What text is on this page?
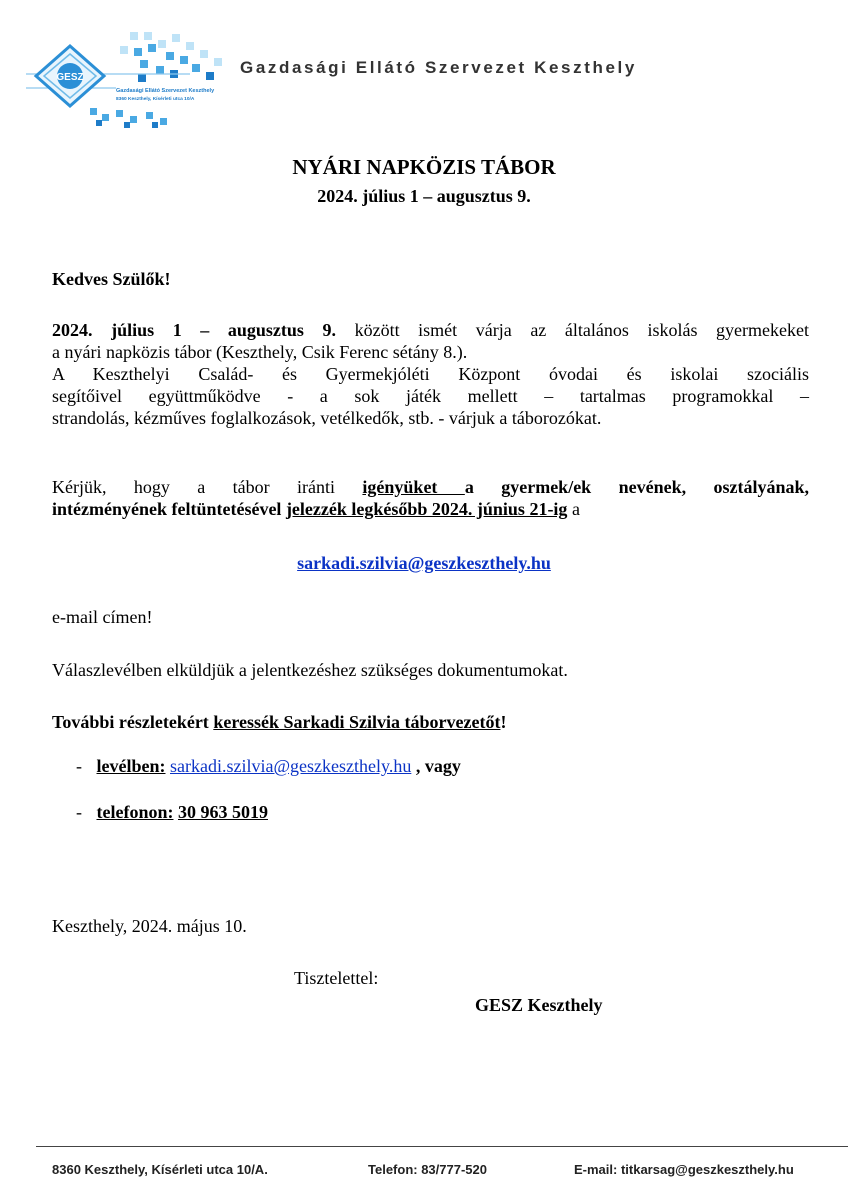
GESZ
Gazdasági Ellátó Szervezet Keszthely
8360 Keszthely, Kísérleti utca 10/A
Gazdasági Ellátó Szervezet Keszthely
NYÁRI NAPKÖZIS TÁBOR
2024. július 1 – augusztus 9.
Kedves Szülők!
2024. július 1 – augusztus 9. között ismét várja az általános iskolás gyermekeket
a nyári napközis tábor (Keszthely, Csik Ferenc sétány 8.).
A Keszthelyi Család- és Gyermekjóléti Központ óvodai és iskolai szociális
segítőivel együttműködve - a sok játék mellett – tartalmas programokkal –
strandolás, kézműves foglalkozások, vetélkedők, stb. - várjuk a táborozókat.
Kérjük, hogy a tábor iránti igényüket a gyermek/ek nevének, osztályának,
intézményének feltüntetésével jelezzék legkésőbb 2024. június 21-ig a
sarkadi.szilvia@geszkeszthely.hu
e-mail címen!
Válaszlevélben elküldjük a jelentkezéshez szükséges dokumentumokat.
További részletekért keressék Sarkadi Szilvia táborvezetőt!
- levélben: sarkadi.szilvia@geszkeszthely.hu , vagy
- telefonon: 30 963 5019
Keszthely, 2024. május 10.
Tisztelettel:
GESZ Keszthely
8360 Keszthely, Kísérleti utca 10/A.	Telefon: 83/777-520	E-mail: titkarsag@geszkeszthely.hu
